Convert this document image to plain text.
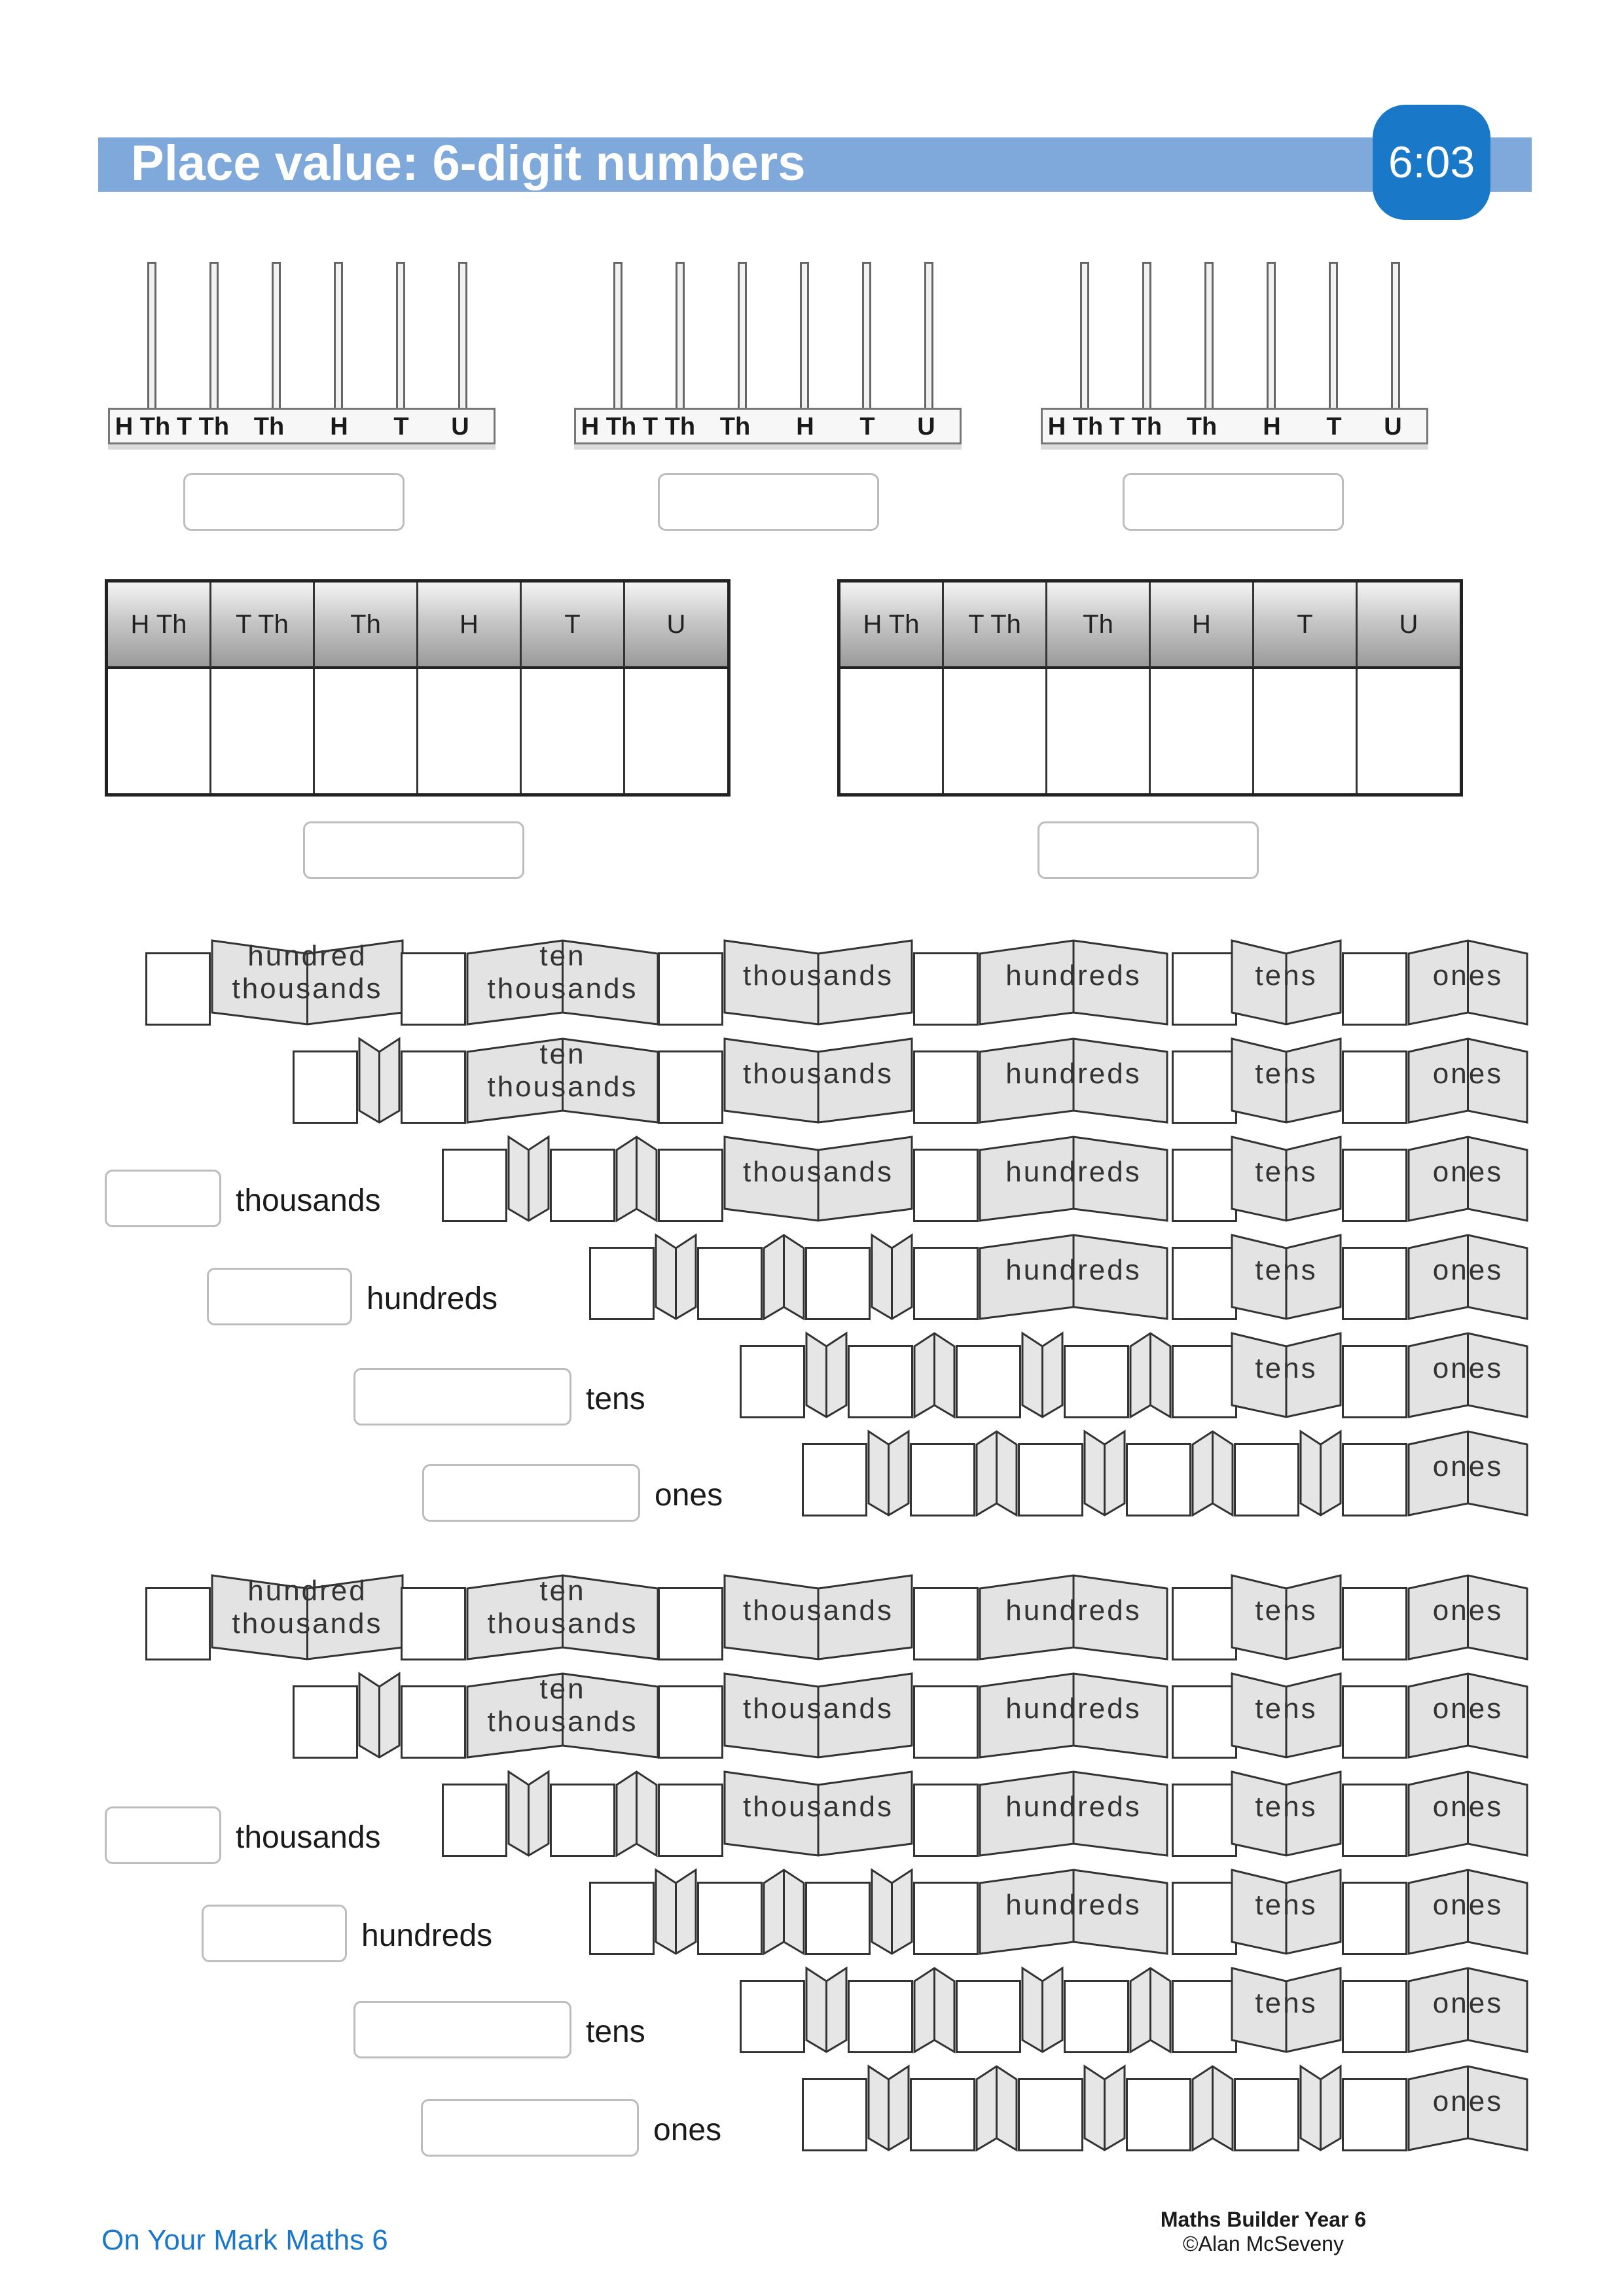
Place value: 6-digit numbers	6:03
H Th T Th Th	H	T	U	H Th T Th Th	H	T	U	H Th T Th Th	H	T	U
H Th	T Th	Th	H	T	U	H Th	T Th	Th	H	T	U
hundred
thousands
ten
thousands	thousands	hundreds	tens	ones
ten
thousands	thousands	hundreds	tens	ones
thousands	hundreds	tens	ones
hundreds	tens	ones
tens	ones
ones
thousands
hundreds
tens
ones
hundred
thousands
ten
thousands	thousands	hundreds	tens	ones
ten
thousands	thousands	hundreds	tens	ones
thousands	hundreds	tens	ones
hundreds	tens	ones
tens	ones
ones
thousands
hundreds
tens
ones
On Your Mark Maths 6
Maths Builder Year 6
©Alan McSeveny
